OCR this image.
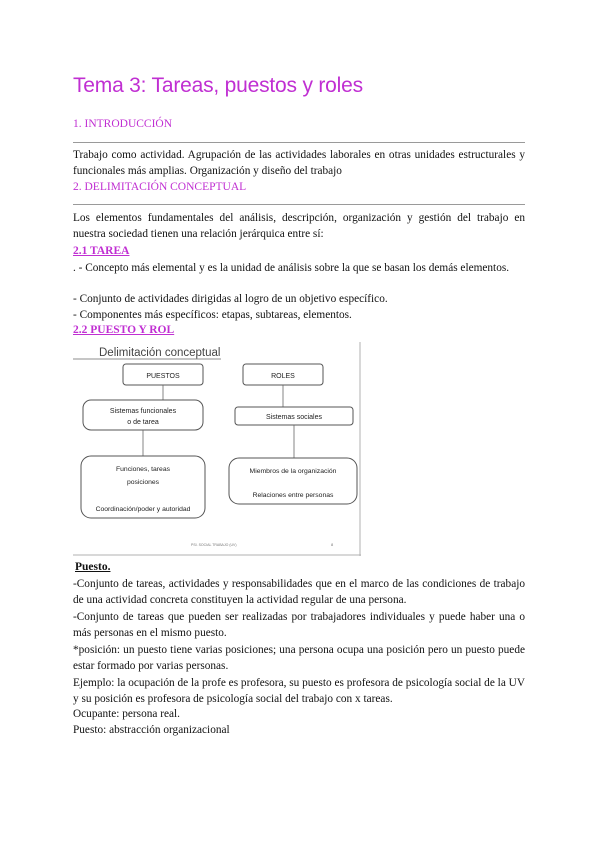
Tema 3: Tareas, puestos y roles

1. INTRODUCCIÓN

Trabajo como actividad. Agrupación de las actividades laborales en otras unidades estructurales y funcionales más amplias. Organización y diseño del trabajo

2. DELIMITACIÓN CONCEPTUAL

Los elementos fundamentales del análisis, descripción, organización y gestión del trabajo en nuestra sociedad tienen una relación jerárquica entre sí:

2.1 TAREA

. - Concepto más elemental y es la unidad de análisis sobre la que se basan los demás elementos.

- Conjunto de actividades dirigidas al logro de un objetivo específico.

- Componentes más específicos: etapas, subtareas, elementos.

2.2 PUESTO Y ROL

Delimitación conceptual
PUESTOS	ROLES
Sistemas funcionales
o de tarea
Sistemas sociales
Funciones, tareas
posiciones
Coordinación/poder y autoridad
Miembros de la organización
Relaciones entre personas
PSI. SOCIAL TRABAJO (UV)	8

Puesto.

-Conjunto de tareas, actividades y responsabilidades que en el marco de las condiciones de trabajo de una actividad concreta constituyen la actividad regular de una persona.

-Conjunto de tareas que pueden ser realizadas por trabajadores individuales y puede haber una o más personas en el mismo puesto.

*posición: un puesto tiene varias posiciones; una persona ocupa una posición pero un puesto puede estar formado por varias personas.

Ejemplo: la ocupación de la profe es profesora, su puesto es profesora de psicología social de la UV y su posición es profesora de psicología social del trabajo con x tareas.

Ocupante: persona real.

Puesto: abstracción organizacional
